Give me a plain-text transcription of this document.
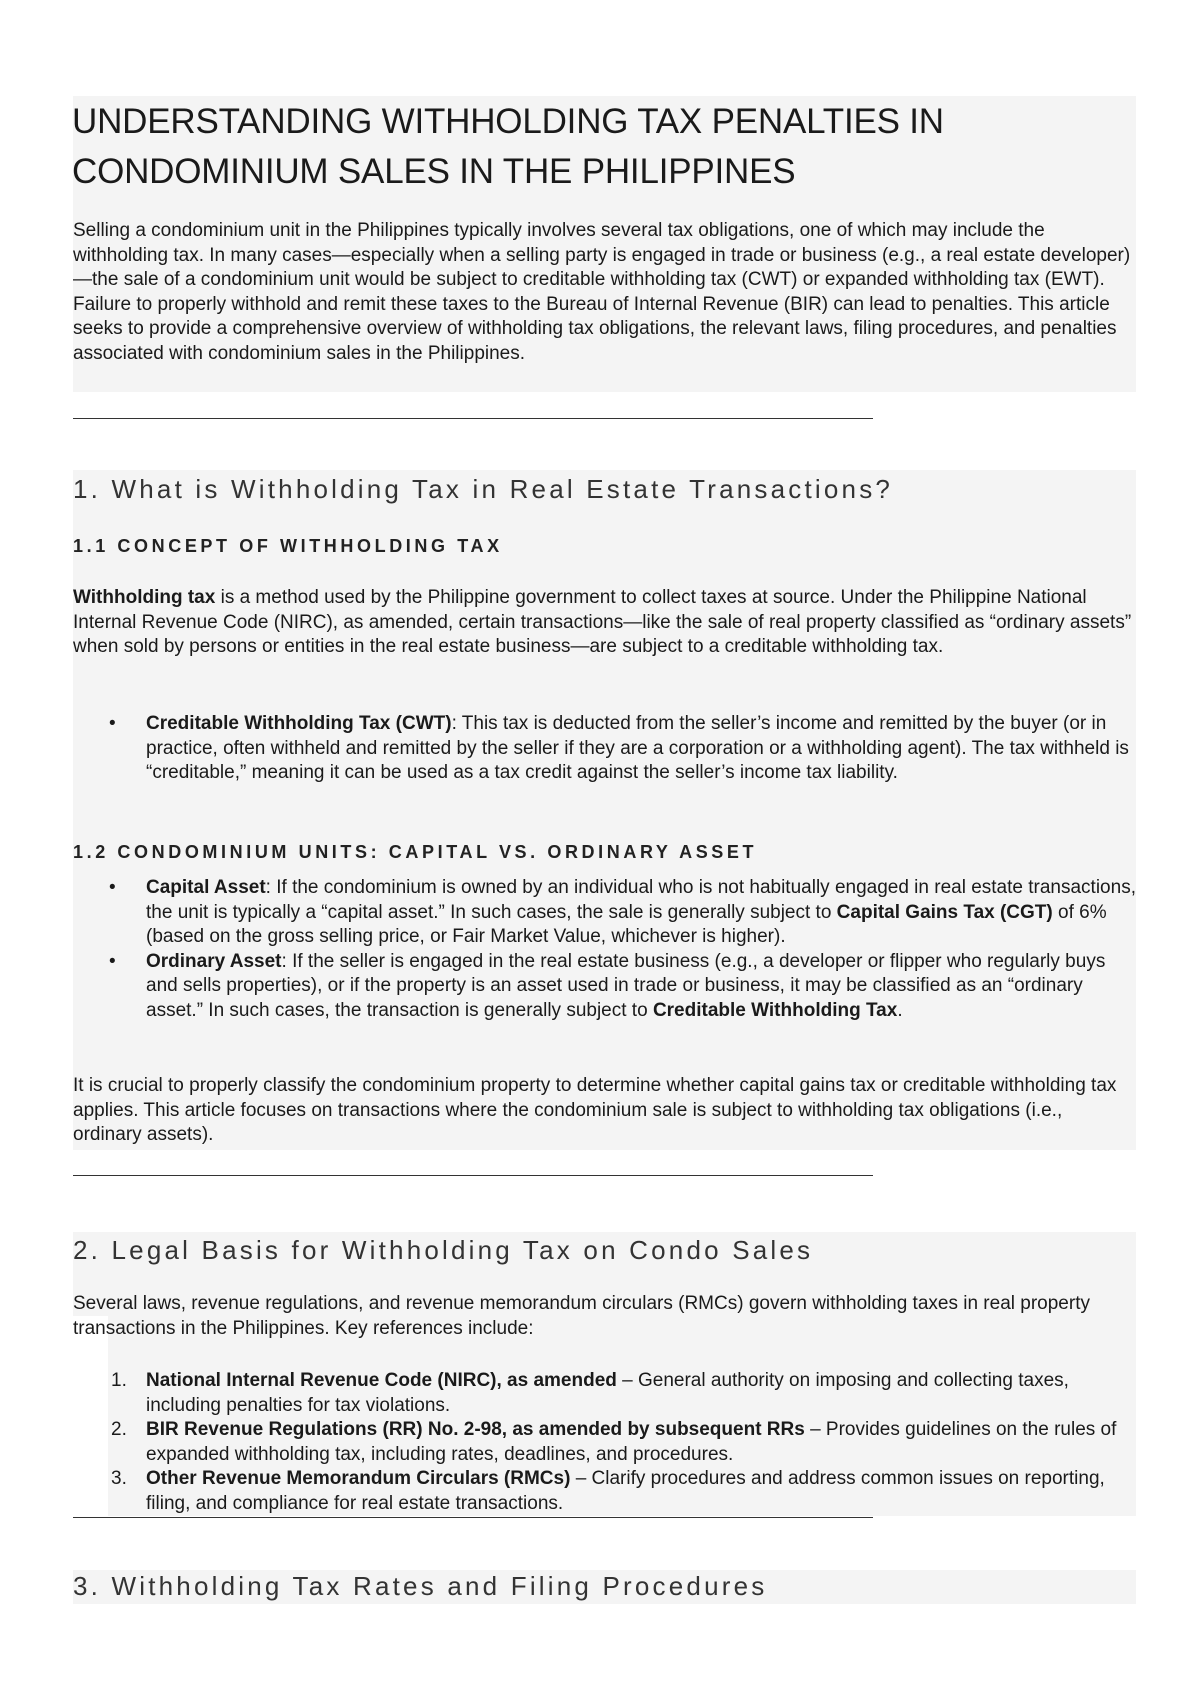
UNDERSTANDING WITHHOLDING TAX PENALTIES IN CONDOMINIUM SALES IN THE PHILIPPINES

Selling a condominium unit in the Philippines typically involves several tax obligations, one of which may include the withholding tax. In many cases—especially when a selling party is engaged in trade or business (e.g., a real estate developer)—the sale of a condominium unit would be subject to creditable withholding tax (CWT) or expanded withholding tax (EWT). Failure to properly withhold and remit these taxes to the Bureau of Internal Revenue (BIR) can lead to penalties. This article seeks to provide a comprehensive overview of withholding tax obligations, the relevant laws, filing procedures, and penalties associated with condominium sales in the Philippines.

1. What is Withholding Tax in Real Estate Transactions?
1.1 CONCEPT OF WITHHOLDING TAX

Withholding tax is a method used by the Philippine government to collect taxes at source. Under the Philippine National Internal Revenue Code (NIRC), as amended, certain transactions—like the sale of real property classified as “ordinary assets” when sold by persons or entities in the real estate business—are subject to a creditable withholding tax.

• Creditable Withholding Tax (CWT): This tax is deducted from the seller’s income and remitted by the buyer (or in practice, often withheld and remitted by the seller if they are a corporation or a withholding agent). The tax withheld is “creditable,” meaning it can be used as a tax credit against the seller’s income tax liability.
1.2 CONDOMINIUM UNITS: CAPITAL VS. ORDINARY ASSET
• Capital Asset: If the condominium is owned by an individual who is not habitually engaged in real estate transactions, the unit is typically a “capital asset.” In such cases, the sale is generally subject to Capital Gains Tax (CGT) of 6% (based on the gross selling price, or Fair Market Value, whichever is higher).
• Ordinary Asset: If the seller is engaged in the real estate business (e.g., a developer or flipper who regularly buys and sells properties), or if the property is an asset used in trade or business, it may be classified as an “ordinary asset.” In such cases, the transaction is generally subject to Creditable Withholding Tax.

It is crucial to properly classify the condominium property to determine whether capital gains tax or creditable withholding tax applies. This article focuses on transactions where the condominium sale is subject to withholding tax obligations (i.e., ordinary assets).

2. Legal Basis for Withholding Tax on Condo Sales

Several laws, revenue regulations, and revenue memorandum circulars (RMCs) govern withholding taxes in real property transactions in the Philippines. Key references include:

1. National Internal Revenue Code (NIRC), as amended – General authority on imposing and collecting taxes, including penalties for tax violations.
2. BIR Revenue Regulations (RR) No. 2-98, as amended by subsequent RRs – Provides guidelines on the rules of expanded withholding tax, including rates, deadlines, and procedures.
3. Other Revenue Memorandum Circulars (RMCs) – Clarify procedures and address common issues on reporting, filing, and compliance for real estate transactions.
3. Withholding Tax Rates and Filing Procedures
